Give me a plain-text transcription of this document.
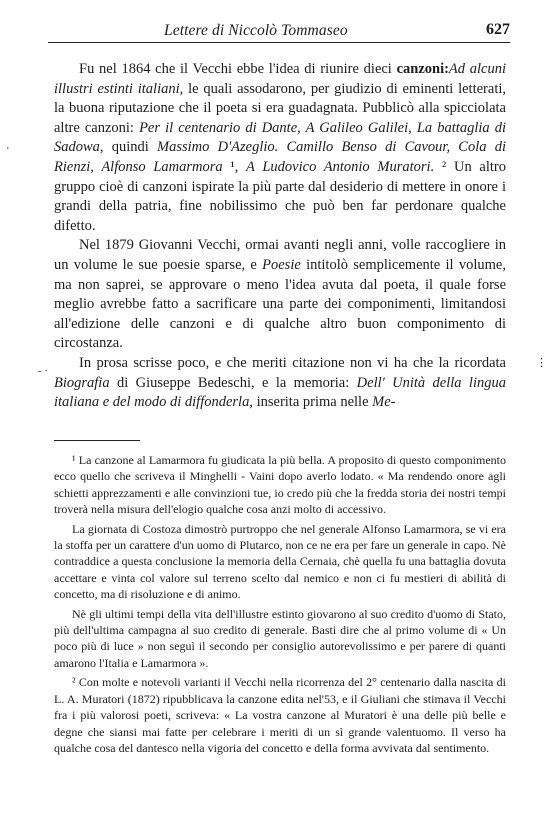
Lettere di Niccolò Tommaseo	627

Fu nel 1864 che il Vecchi ebbe l'idea di riunire dieci canzoni:Ad alcuni illustri estinti italiani, le quali assodarono, per giudizio di eminenti letterati, la buona riputazione che il poeta si era guadagnata. Pubblicò alla spicciolata altre canzoni: Per il centenario di Dante, A Galileo Galilei, La battaglia di Sadowa, quindi Massimo D'Azeglio. Camillo Benso di Cavour, Cola di Rienzi, Alfonso Lamarmora ¹, A Ludovico Antonio Muratori. ² Un altro gruppo cioè di canzoni ispirate la più parte dal desiderio di mettere in onore i grandi della patria, fine nobilissimo che può ben far perdonare qualche difetto.

Nel 1879 Giovanni Vecchi, ormai avanti negli anni, volle raccogliere in un volume le sue poesie sparse, e Poesie intitolò semplicemente il volume, ma non saprei, se approvare o meno l'idea avuta dal poeta, il quale forse meglio avrebbe fatto a sacrificare una parte dei componimenti, limitandosi all'edizione delle canzoni e di qualche altro buon componimento di circostanza.

In prosa scrisse poco, e che meriti citazione non vi ha che la ricordata Biografia di Giuseppe Bedeschi, e la memoria: Dell' Unità della lingua italiana e del modo di diffonderla, inserita prima nelle Me-

¹ La canzone al Lamarmora fu giudicata la più bella. A proposito di questo componimento ecco quello che scriveva il Minghelli - Vaini dopo averlo lodato. « Ma rendendo onore agli schietti apprezzamenti e alle convinzioni tue, io credo più che la fredda storia dei nostri tempi troverà nella misura dell'elogio qualche cosa anzi molto di accessivo.

La giornata di Costoza dimostrò purtroppo che nel generale Alfonso Lamarmora, se vi era la stoffa per un carattere d'un uomo di Plutarco, non ce ne era per fare un generale in capo. Nè contraddice a questa conclusione la memoria della Cernaia, chè quella fu una battaglia dovuta accettare e vinta col valore sul terreno scelto dal nemico e non ci fu mestieri di abilità di concetto, ma di risoluzione e di animo.

Nè gli ultimi tempi della vita dell'illustre estinto giovarono al suo credito d'uomo di Stato, più dell'ultima campagna al suo credito di generale. Basti dire che al primo volume di « Un poco più di luce » non seguì il secondo per consiglio autorevolissimo e per parere di quanti amarono l'Italia e Lamarmora ».

² Con molte e notevoli varianti il Vecchi nella ricorrenza del 2° centenario dalla nascita di L. A. Muratori (1872) ripubblicava la canzone edita nel'53, e il Giuliani che stimava il Vecchi fra i più valorosi poeti, scriveva: « La vostra canzone al Muratori è una delle più belle e degne che siansi mai fatte per celebrare i meriti di un sì grande valentuomo. Il verso ha qualche cosa del dantesco nella vigoria del concetto e della forma avvivata dal sentimento.

‧
- ·
⋮
